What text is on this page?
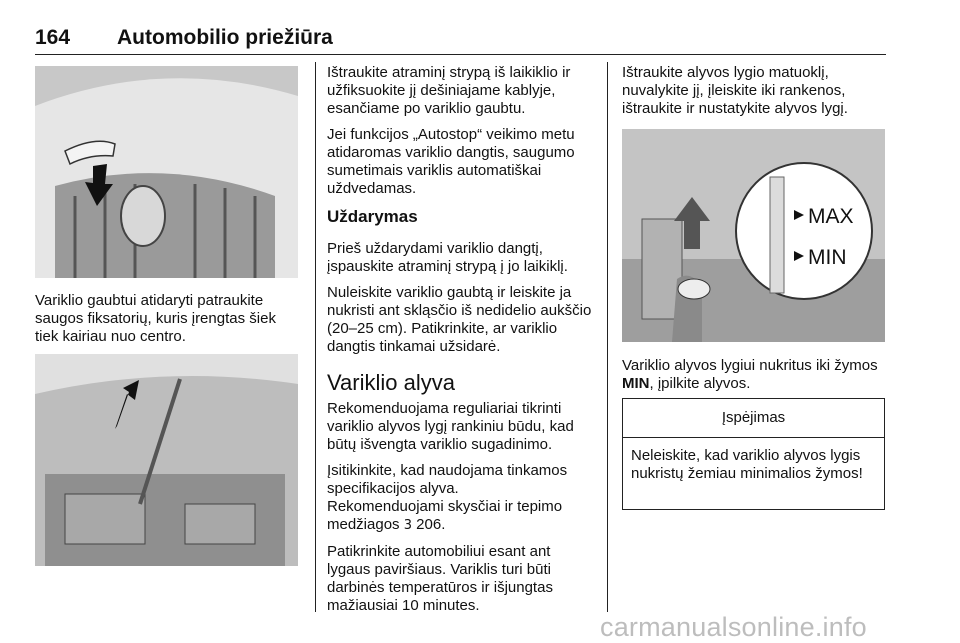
164 Automobilio priežiūra

Variklio gaubtui atidaryti patraukite saugos fiksatorių, kuris įrengtas šiek tiek kairiau nuo centro.

Ištraukite atraminį strypą iš laikiklio ir užfiksuokite jį dešiniajame kablyje, esančiame po variklio gaubtu.

Jei funkcijos „Autostop“ veikimo metu atidaromas variklio dangtis, saugumo sumetimais variklis automatiškai uždvedamas.

Uždarymas

Prieš uždarydami variklio dangtį, įspauskite atraminį strypą į jo laikiklį.

Nuleiskite variklio gaubtą ir leiskite ja nukristi ant skląsčio iš nedidelio aukščio (20–25 cm). Patikrinkite, ar variklio dangtis tinkamai užsidarė.

Variklio alyva

Rekomenduojama reguliariai tikrinti variklio alyvos lygį rankiniu būdu, kad būtų išvengta variklio sugadinimo.

Įsitikinkite, kad naudojama tinkamos specifikacijos alyva.
Rekomenduojami skysčiai ir tepimo medžiagos 3 206.

Patikrinkite automobiliui esant ant lygaus paviršiaus. Variklis turi būti darbinės temperatūros ir išjungtas mažiausiai 10 minutes.

Ištraukite alyvos lygio matuoklį, nuvalykite jį, įleiskite iki rankenos, ištraukite ir nustatykite alyvos lygį.

MAX
MIN

Variklio alyvos lygiui nukritus iki žymos MIN, įpilkite alyvos.

Įspėjimas
Neleiskite, kad variklio alyvos lygis nukristų žemiau minimalios žymos!
carmanualsonline.info
